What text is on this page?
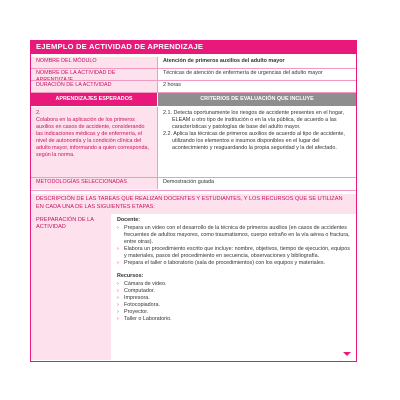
EJEMPLO DE ACTIVIDAD DE APRENDIZAJE
NOMBRE DEL MÓDULO	Atención de primeros auxilios del adulto mayor
NOMBRE DE LA ACTIVIDAD DE	Técnicas de atención de enfermería de urgencias del adulto mayor
DURACIÓN DE LA ACTIVIDAD	2 horas
APRENDIZAJES ESPERADOS	CRITERIOS DE EVALUACIÓN QUE INCLUYE
2.
Colabora en la aplicación de los primeros auxilios en casos de accidente, considerando las indicaciones médicas y de enfermería, el nivel de autonomía y la condición clínica del adulto mayor, informando a quien corresponda, según la norma.

2.1. Detecta oportunamente los riesgos de accidente presentes en el hogar, ELEAM u otro tipo de institución o en la vía pública, de acuerdo a las características y patologías de base del adulto mayor.

2.2. Aplica las técnicas de primeros auxilios de acuerdo al tipo de accidente, utilizando los elementos e insumos disponibles en el lugar del acontecimiento y resguardando la propia seguridad y la del afectado.

METODOLOGÍAS SELECCIONADAS	Demostración guiada
DESCRIPCIÓN DE LAS TAREAS QUE REALIZAN DOCENTES Y ESTUDIANTES, Y LOS RECURSOS QUE SE UTILIZAN EN CADA UNA DE LAS SIGUIENTES ETAPAS:
PREPARACIÓN DE LA ACTIVIDAD
Docente:
› Prepara un video con el desarrollo de la técnica de primeros auxilios (en casos de accidentes frecuentes de adultos mayores, como traumatismos, cuerpo extraño en la vía aérea o fractura, entre otras).
› Elabora un procedimiento escrito que incluye: nombre, objetivos, tiempo de ejecución, equipos y materiales, pasos del procedimiento en secuencia, observaciones y bibliografía.
› Prepara el taller o laboratorio (sala de procedimientos) con los equipos y materiales.
Recursos:
› Cámara de video.
› Computador.
› Impresora.
› Fotocopiadora.
› Proyector.
› Taller o Laboratorio.
